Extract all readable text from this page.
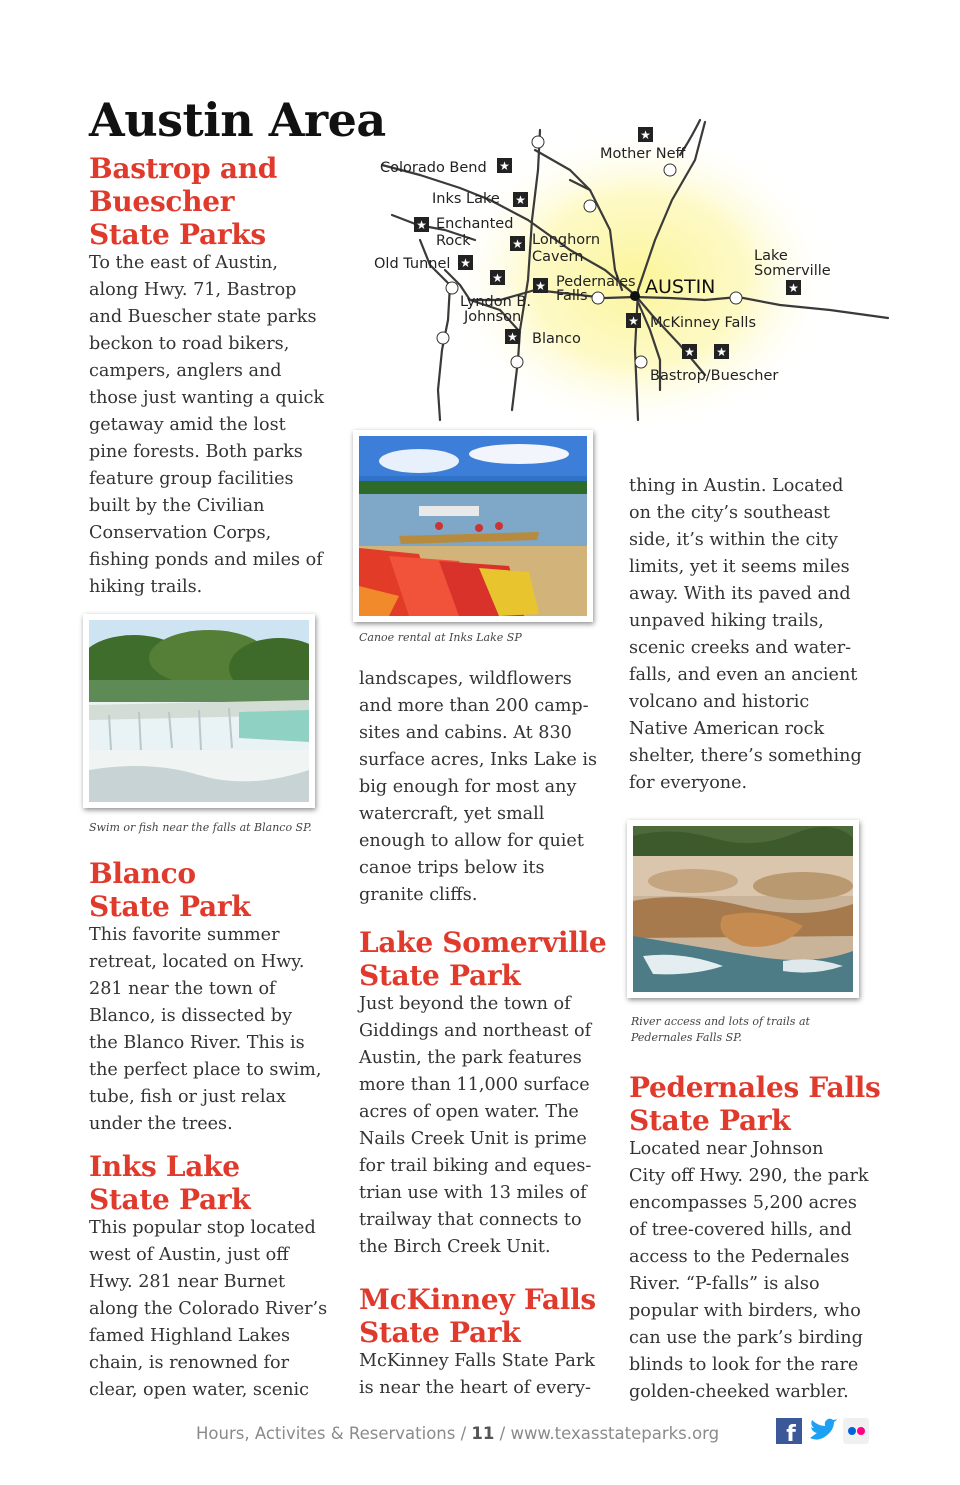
Austin Area	★
★
★
★
★
★
★
★
★
★
★
★ ★
Mother Neff
Colorado Bend
Inks Lake
Enchanted
Rock	Longhorn
Cavern
Old Tunnel
Pedernales
Falls
Lyndon B.
Johnson
Blanco
Lake
Somerville
McKinney Falls
Bastrop/Buescher
AUSTIN
Bastrop and
Buescher
State Parks
To the east of Austin,
along Hwy. 71, Bastrop
and Buescher state parks
beckon to road bikers,
campers, anglers and
those just wanting a quick
getaway amid the lost
pine forests. Both parks
feature group facilities
built by the Civilian
Conservation Corps,
fishing ponds and miles of
hiking trails.

Swim or fish near the falls at Blanco SP.

Blanco
State Park
This favorite summer
retreat, located on Hwy.
281 near the town of
Blanco, is dissected by
the Blanco River. This is
the perfect place to swim,
tube, fish or just relax
under the trees.
Inks Lake
State Park
This popular stop located
west of Austin, just off
Hwy. 281 near Burnet
along the Colorado River’s
famed Highland Lakes
chain, is renowned for
clear, open water, scenic

Canoe rental at Inks Lake SP

landscapes, wildflowers
and more than 200 camp-
sites and cabins. At 830
surface acres, Inks Lake is
big enough for most any
watercraft, yet small
enough to allow for quiet
canoe trips below its
granite cliffs.
Lake Somerville
State Park
Just beyond the town of
Giddings and northeast of
Austin, the park features
more than 11,000 surface
acres of open water. The
Nails Creek Unit is prime
for trail biking and eques-
trian use with 13 miles of
trailway that connects to
the Birch Creek Unit.
McKinney Falls
State Park
McKinney Falls State Park
is near the heart of every-
thing in Austin. Located
on the city’s southeast
side, it’s within the city
limits, yet it seems miles
away. With its paved and
unpaved hiking trails,
scenic creeks and water-
falls, and even an ancient
volcano and historic
Native American rock
shelter, there’s something
for everyone.

River access and lots of trails at
Pedernales Falls SP.

Pedernales Falls
State Park
Located near Johnson
City off Hwy. 290, the park
encompasses 5,200 acres
of tree-covered hills, and
access to the Pedernales
River. “P-falls” is also
popular with birders, who
can use the park’s birding
blinds to look for the rare
golden-cheeked warbler.
Hours, Activites & Reservations / 11 / www.texasstateparks.org	f
